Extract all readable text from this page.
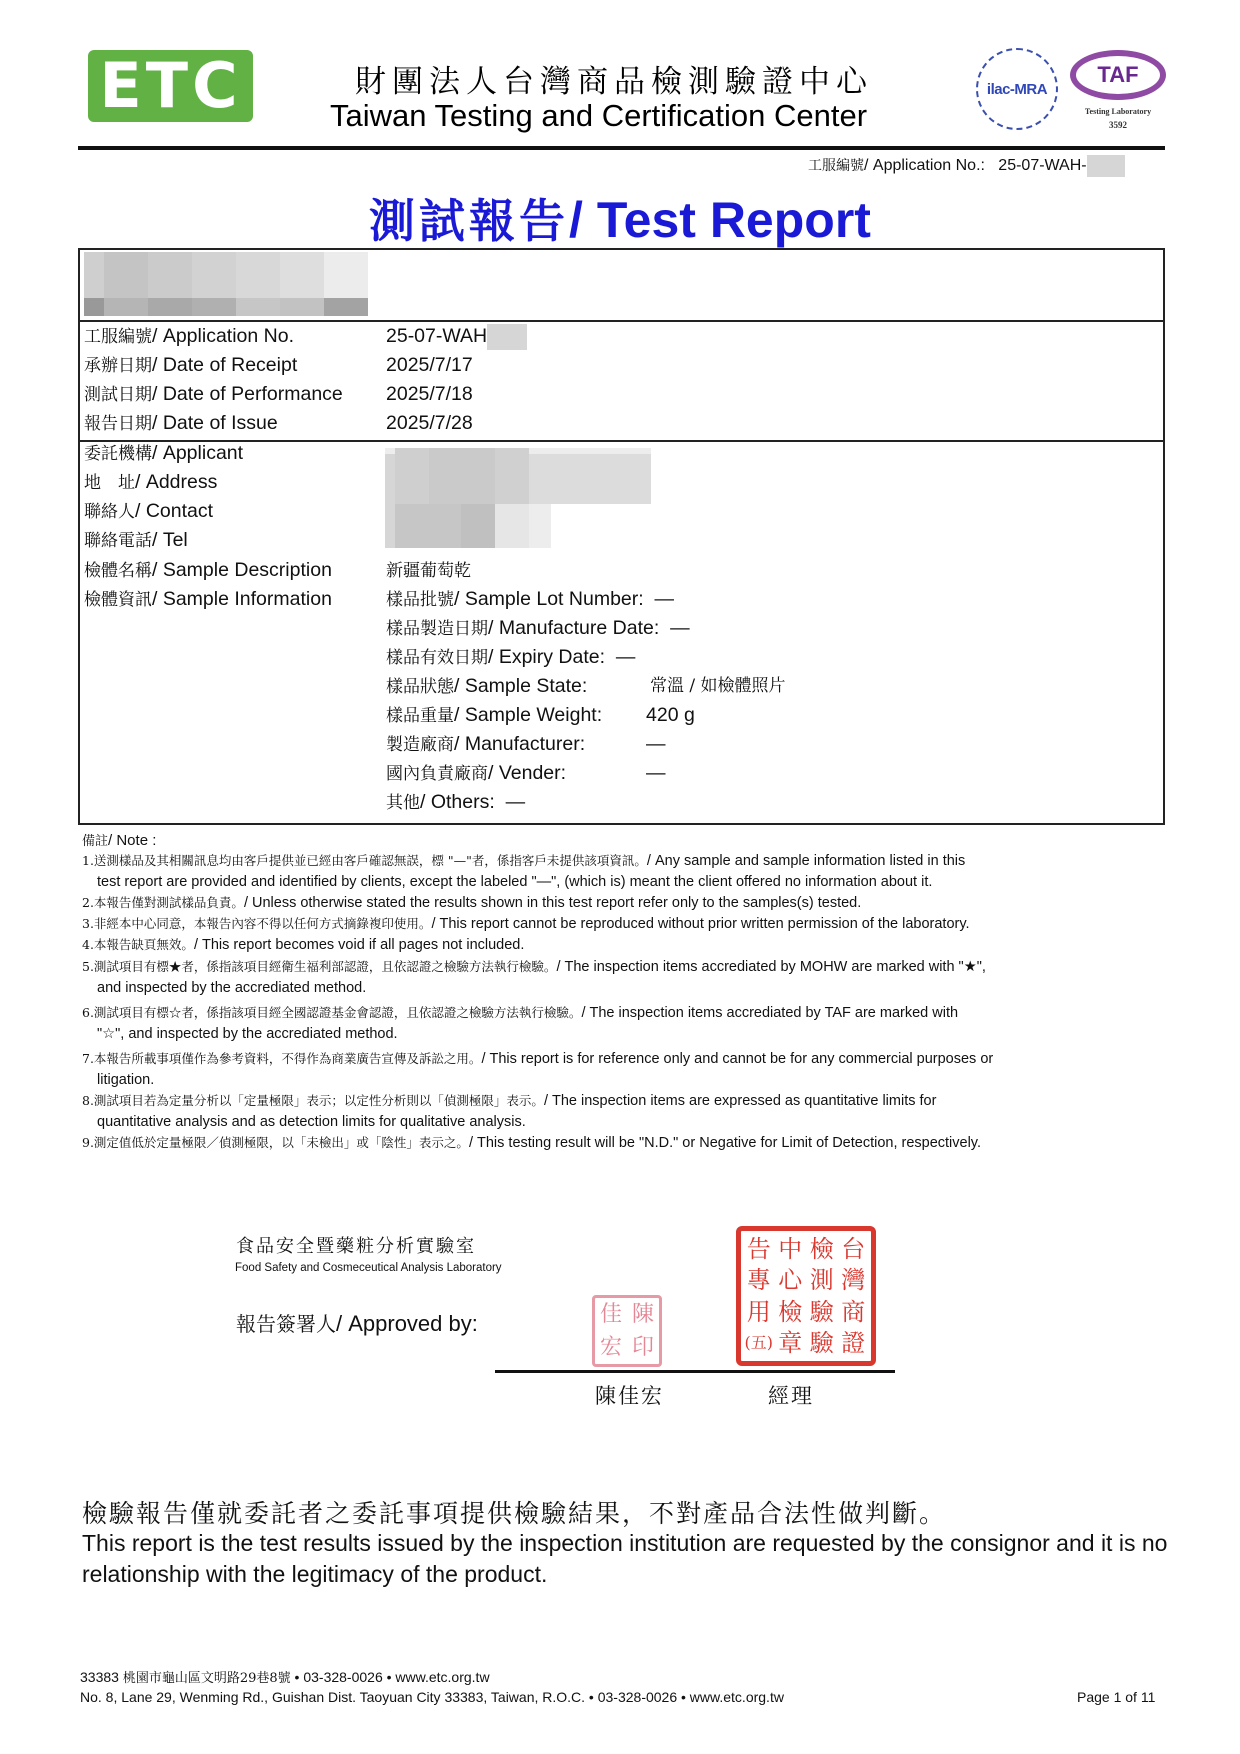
ETC	財團法人台灣商品檢測驗證中心
Taiwan Testing and Certification Center
ilac-MRA
TAF
Testing Laboratory
3592
工服編號/ Application No.: 25-07-WAH-
測試報告/ Test Report
工服編號/ Application No.	25-07-WAH
承辦日期/ Date of Receipt	2025/7/17
測試日期/ Date of Performance 2025/7/18
報告日期/ Date of Issue	2025/7/28
委託機構/ Applicant
地　址/ Address
聯絡人/ Contact
聯絡電話/ Tel
檢體名稱/ Sample Description	新疆葡萄乾
檢體資訊/ Sample Information	樣品批號/ Sample Lot Number: —
樣品製造日期/ Manufacture Date: —
樣品有效日期/ Expiry Date: —
樣品狀態/ Sample State:	常溫 / 如檢體照片
樣品重量/ Sample Weight: 420 g
製造廠商/ Manufacturer:	—
國內負責廠商/ Vender:	—
其他/ Others: —
備註/ Note :
1.送測樣品及其相關訊息均由客戶提供並已經由客戶確認無誤，標 "—"者，係指客戶未提供該項資訊。/ Any sample and sample information listed in this
test report are provided and identified by clients, except the labeled "—", (which is) meant the client offered no information about it.
2.本報告僅對測試樣品負責。/ Unless otherwise stated the results shown in this test report refer only to the samples(s) tested.
3.非經本中心同意，本報告內容不得以任何方式摘錄複印使用。/ This report cannot be reproduced without prior written permission of the laboratory.
4.本報告缺頁無效。/ This report becomes void if all pages not included.
5.測試項目有標★者，係指該項目經衛生福利部認證，且依認證之檢驗方法執行檢驗。/ The inspection items accrediated by MOHW are marked with "★",
and inspected by the accrediated method.
6.測試項目有標☆者，係指該項目經全國認證基金會認證，且依認證之檢驗方法執行檢驗。/ The inspection items accrediated by TAF are marked with
"☆", and inspected by the accrediated method.
7.本報告所載事項僅作為參考資料，不得作為商業廣告宣傳及訴訟之用。/ This report is for reference only and cannot be for any commercial purposes or
litigation.
8.測試項目若為定量分析以「定量極限」表示；以定性分析則以「偵測極限」表示。/ The inspection items are expressed as quantitative limits for
quantitative analysis and as detection limits for qualitative analysis.
9.測定值低於定量極限／偵測極限，以「未檢出」或「陰性」表示之。/ This testing result will be "N.D." or Negative for Limit of Detection, respectively.
食品安全暨藥粧分析實驗室
Food Safety and Cosmeceutical Analysis Laboratory
報告簽署人/ Approved by:	佳 陳
宏 印
告 中 檢 台
專 心 測 灣
用 檢 驗 商
(五) 章 驗 證
陳佳宏	經理
檢驗報告僅就委託者之委託事項提供檢驗結果，不對產品合法性做判斷。
This report is the test results issued by the inspection institution are requested by the consignor and it is no relationship with the legitimacy of the product.
33383 桃園市龜山區文明路29巷8號 • 03-328-0026 • www.etc.org.tw
No. 8, Lane 29, Wenming Rd., Guishan Dist. Taoyuan City 33383, Taiwan, R.O.C. • 03-328-0026 • www.etc.org.tw	Page 1 of 11
